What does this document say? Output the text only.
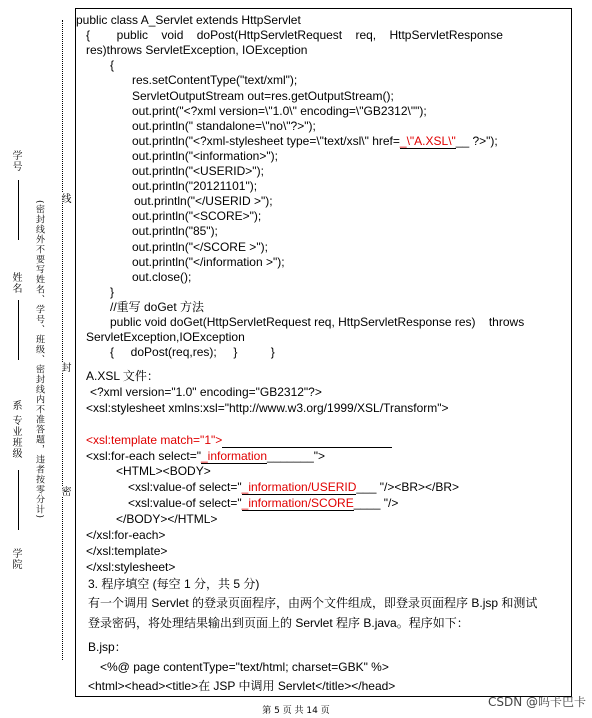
学号
姓名
系 专业班级
学院
(密封线外不要写姓名、学号、班级、密封线内不准答题，违者按零分计)
线
封
密
public class A_Servlet extends HttpServlet
{        public    void    doPost(HttpServletRequest    req,    HttpServletResponse
res)throws ServletException, IOException
{
res.setContentType("text/xml");
ServletOutputStream out=res.getOutputStream();
out.print("<?xml version=\"1.0\" encoding=\"GB2312\"");
out.println(" standalone=\"no\"?>");
out.println("<?xml-stylesheet type=\"text/xsl\" href=_\"A.XSL\"__ ?>");
out.println("<information>");
out.println("<USERID>");
out.println("20121101");
out.println("</USERID >");
out.println("<SCORE>");
out.println("85");
out.println("</SCORE >");
out.println("</information >");
out.close();
}
//重写 doGet 方法
public void doGet(HttpServletRequest req, HttpServletResponse res)    throws
ServletException,IOException
{     doPost(req,res);     }          }
A.XSL 文件：
<?xml version="1.0" encoding="GB2312"?>
<xsl:stylesheet xmlns:xsl="http://www.w3.org/1999/XSL/Transform">
<xsl:template match="1">
<xsl:for-each select="_information_______">
<HTML><BODY>
<xsl:value-of select="_information/USERID___ "/><BR></BR>
<xsl:value-of select="_information/SCORE____ "/>
</BODY></HTML>
</xsl:for-each>
</xsl:template>
</xsl:stylesheet>
3. 程序填空 (每空 1 分，共 5 分)
有一个调用 Servlet 的登录页面程序，由两个文件组成，即登录页面程序 B.jsp 和测试
登录密码，将处理结果输出到页面上的 Servlet 程序 B.java。程序如下：
B.jsp：
<%@ page contentType="text/html; charset=GBK" %>
<html><head><title>在 JSP 中调用 Servlet</title></head>
第 5 页 共 14 页
CSDN @吗卡巴卡
